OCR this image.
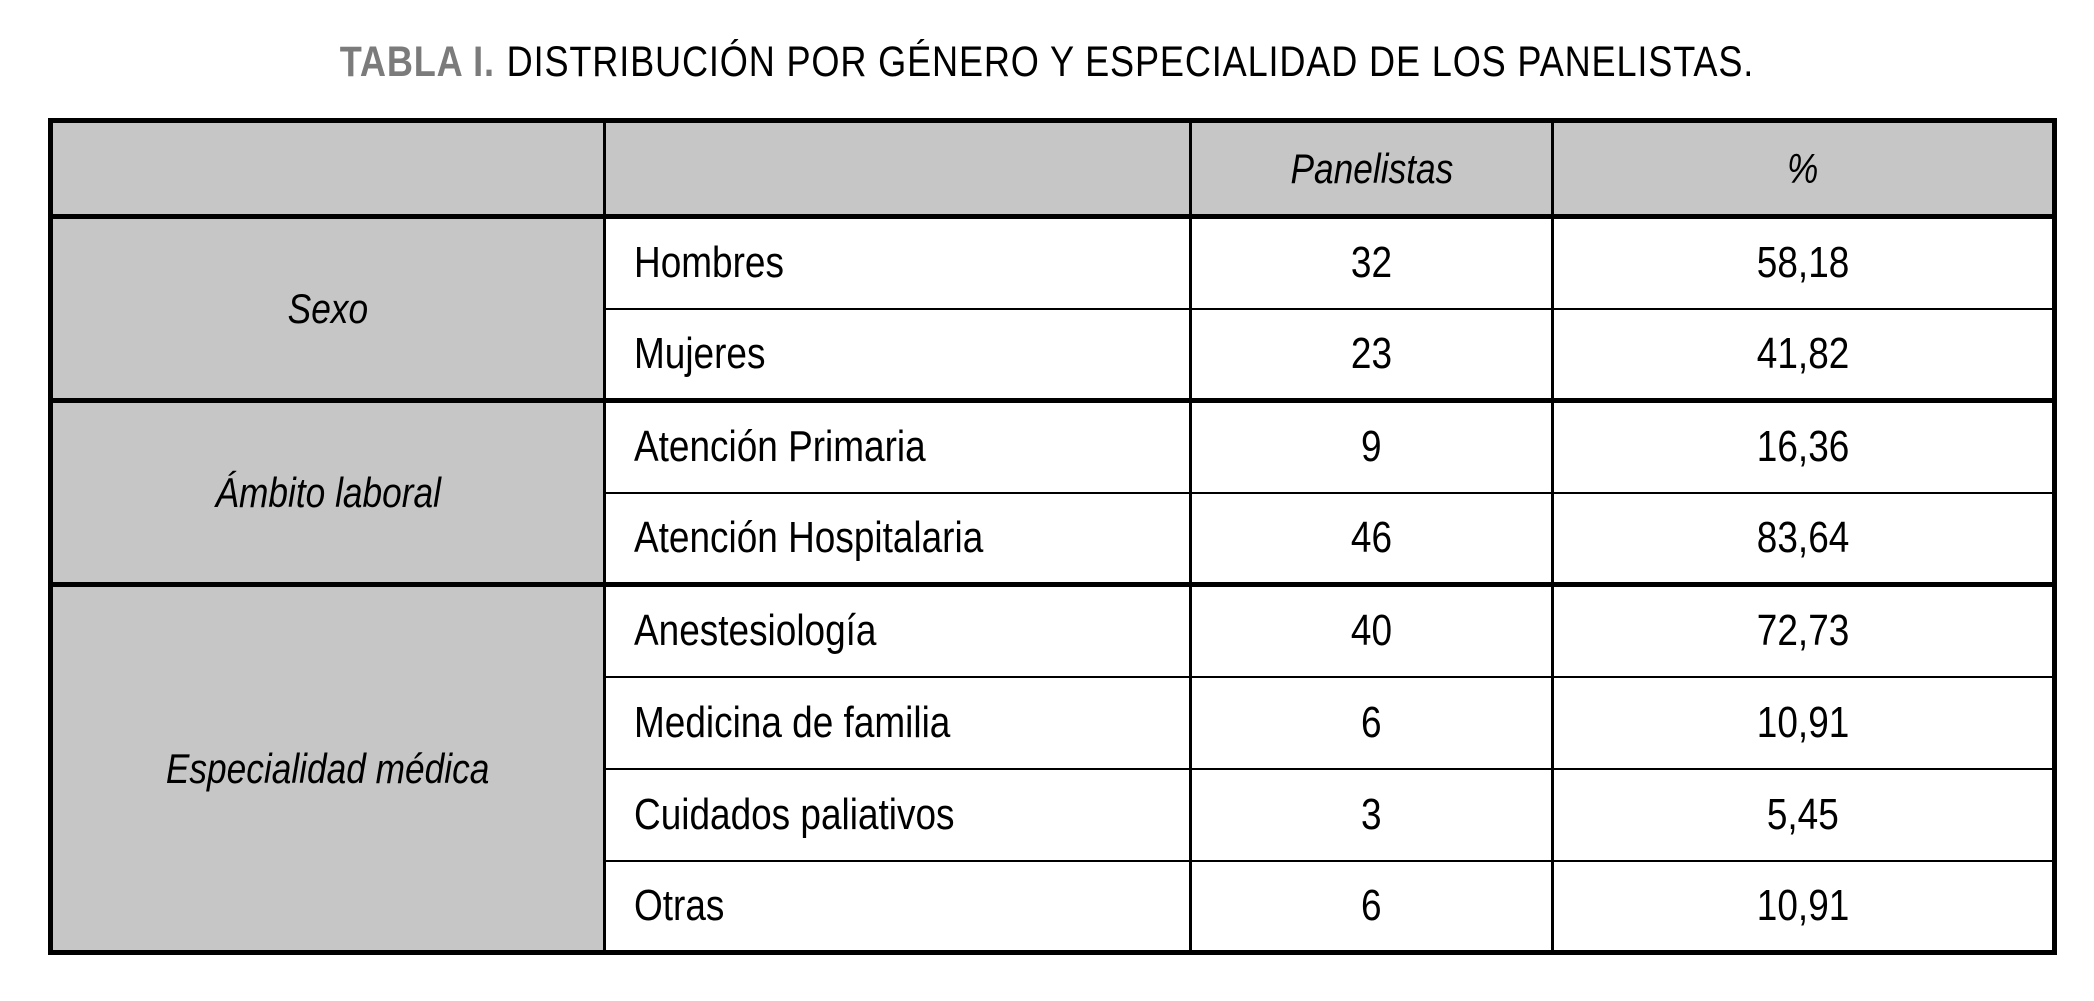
TABLA I. DISTRIBUCIÓN POR GÉNERO Y ESPECIALIDAD DE LOS PANELISTAS.
		Panelistas	%
Sexo	Hombres	32	58,18
	Mujeres	23	41,82
Ámbito laboral	Atención Primaria	9	16,36
	Atención Hospitalaria	46	83,64
Especialidad médica	Anestesiología	40	72,73
	Medicina de familia	6	10,91
	Cuidados paliativos	3	5,45
	Otras	6	10,91
